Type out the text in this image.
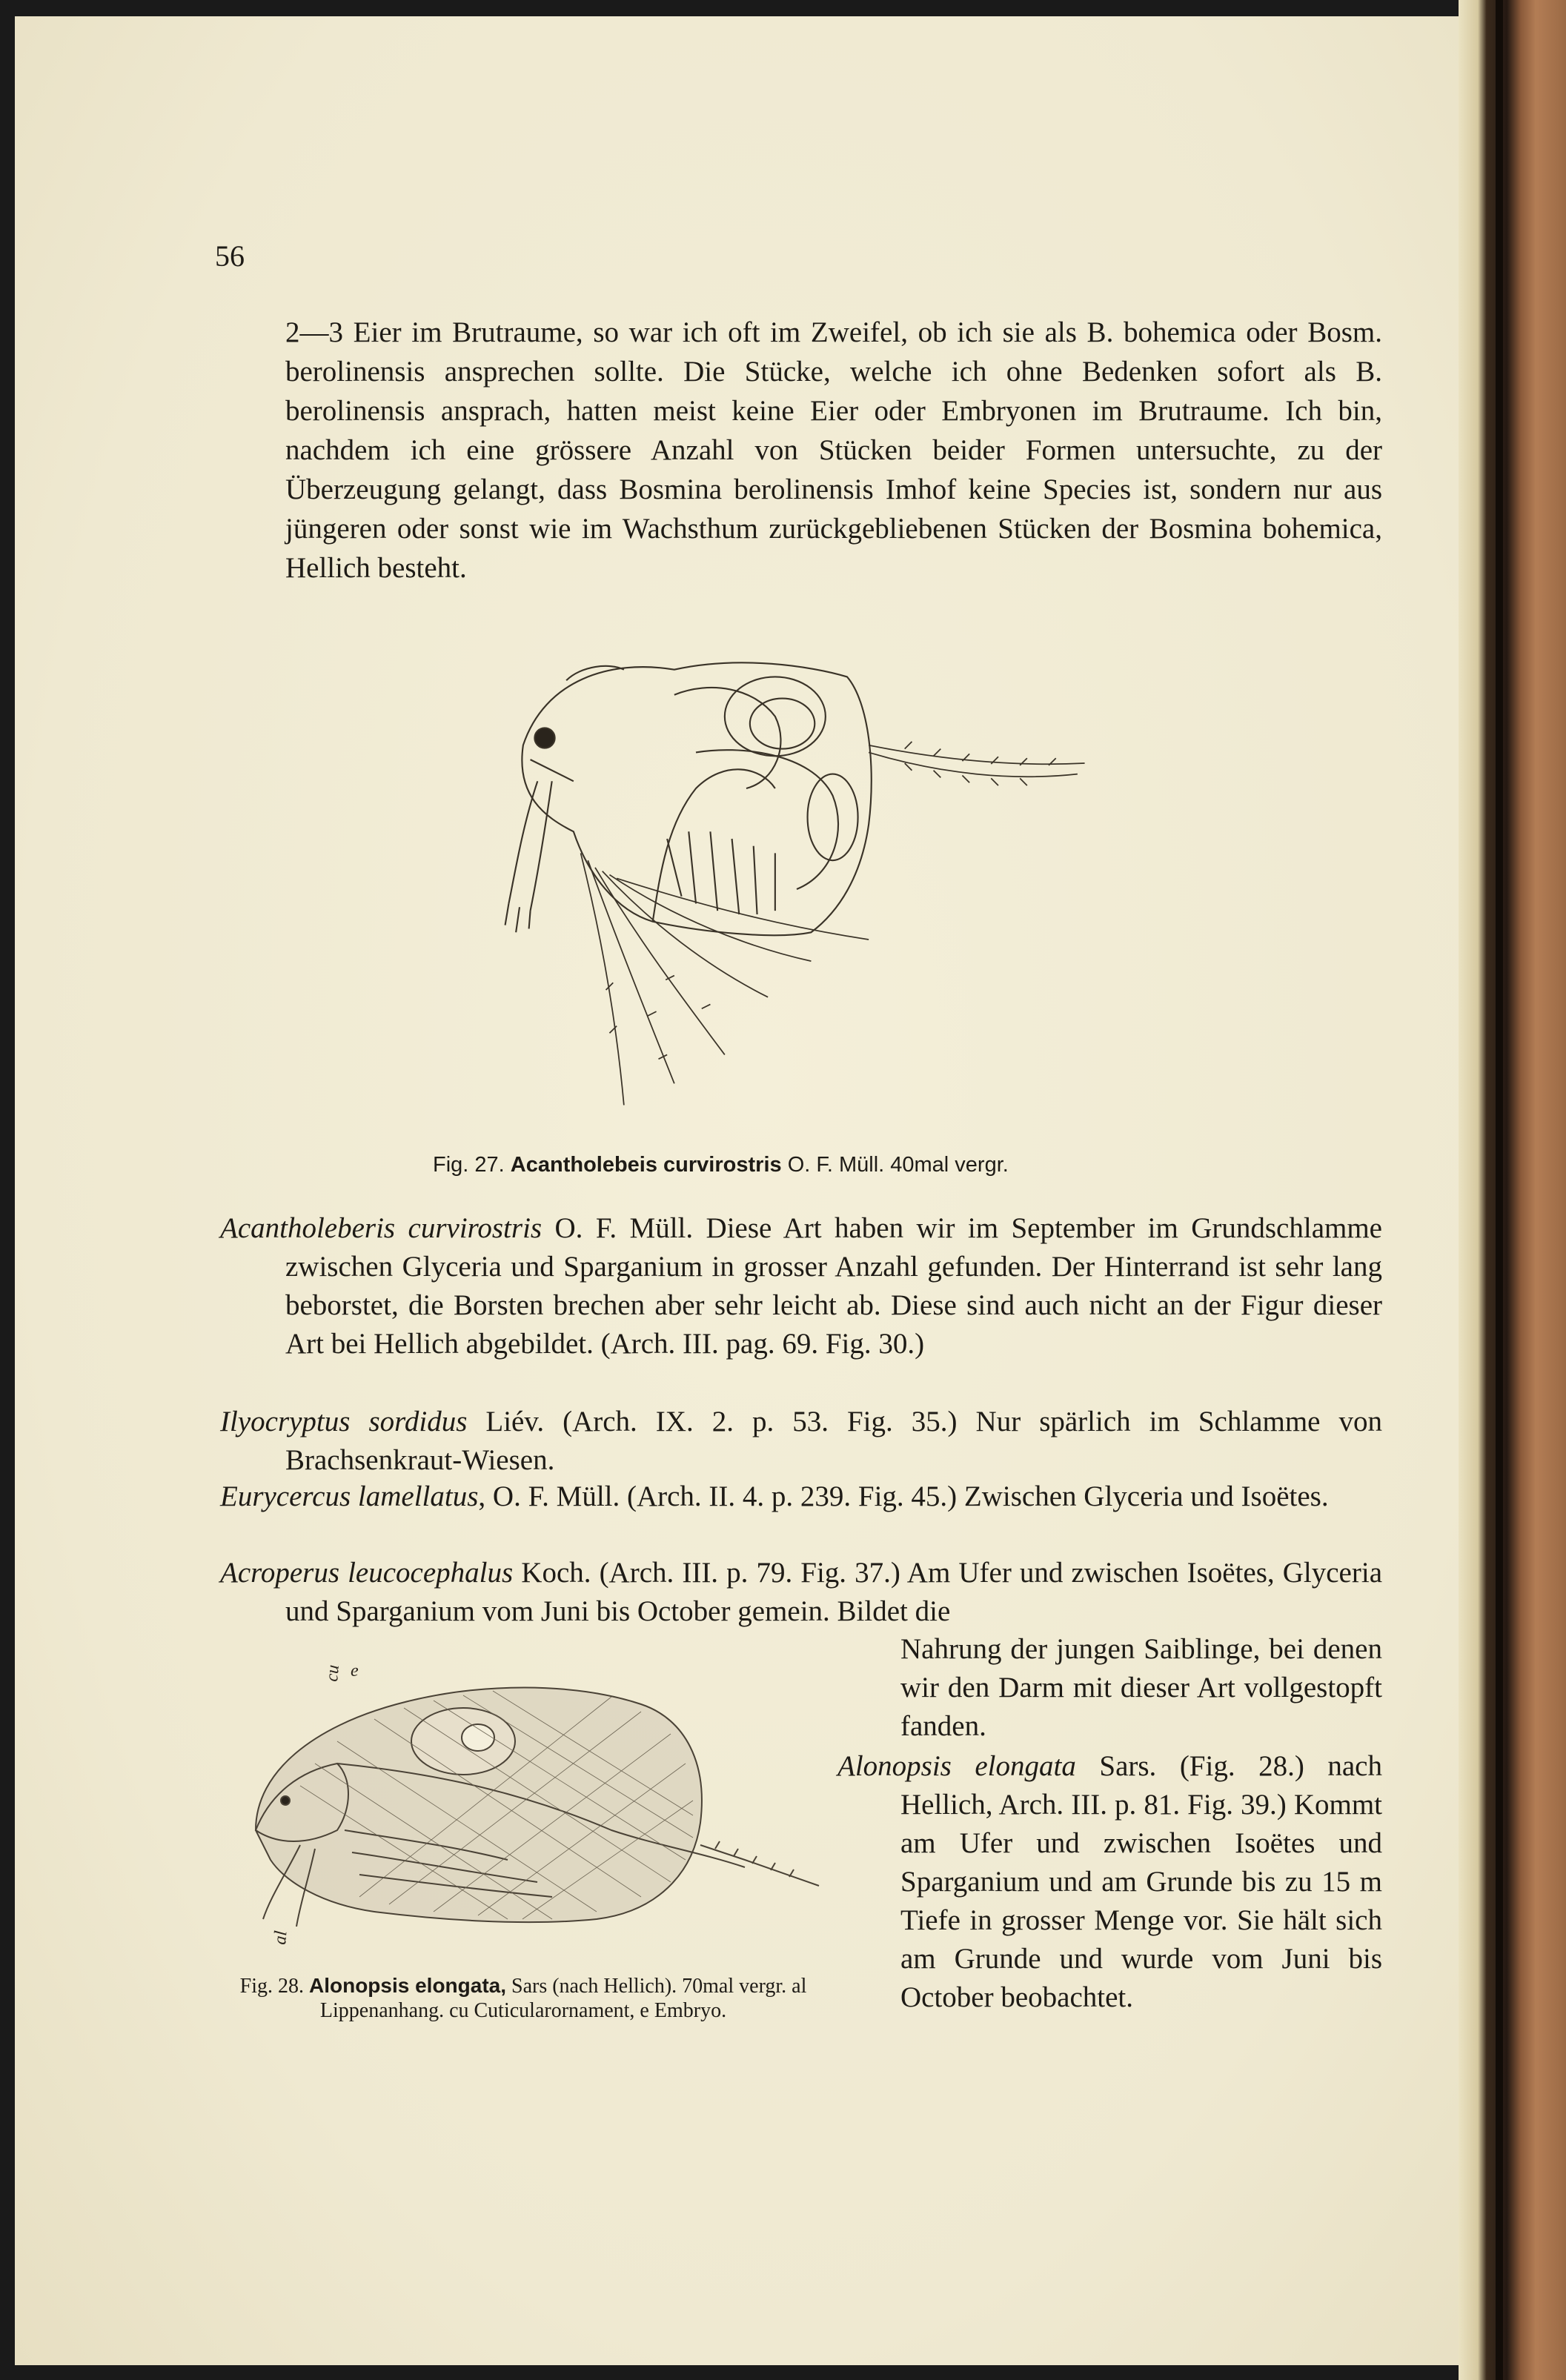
56
2—3 Eier im Brutraume, so war ich oft im Zweifel, ob ich sie als B. bohemica oder Bosm. berolinensis ansprechen sollte. Die Stücke, welche ich ohne Bedenken sofort als B. berolinensis ansprach, hatten meist keine Eier oder Embryonen im Brutraume. Ich bin, nachdem ich eine grössere Anzahl von Stücken beider Formen untersuchte, zu der Überzeugung gelangt, dass Bosmina berolinensis Imhof keine Species ist, sondern nur aus jüngeren oder sonst wie im Wachsthum zurückgebliebenen Stücken der Bosmina bohemica, Hellich besteht.
Fig. 27. Acantholebeis curvirostris O. F. Müll. 40mal vergr.
Acantholeberis curvirostris O. F. Müll. Diese Art haben wir im September im Grundschlamme zwischen Glyceria und Sparganium in grosser Anzahl gefunden. Der Hinterrand ist sehr lang beborstet, die Borsten brechen aber sehr leicht ab. Diese sind auch nicht an der Figur dieser Art bei Hellich abgebildet. (Arch. III. pag. 69. Fig. 30.)
Ilyocryptus sordidus Liév. (Arch. IX. 2. p. 53. Fig. 35.) Nur spärlich im Schlamme von Brachsenkraut-Wiesen.
Eurycercus lamellatus, O. F. Müll. (Arch. II. 4. p. 239. Fig. 45.) Zwischen Glyceria und Isoëtes.
Acroperus leucocephalus Koch. (Arch. III. p. 79. Fig. 37.) Am Ufer und zwischen Isoëtes, Glyceria und Sparganium vom Juni bis October gemein. Bildet die
Nahrung der jungen Saiblinge, bei denen wir den Darm mit dieser Art vollgestopft fanden.
Alonopsis elongata Sars. (Fig. 28.) nach Hellich, Arch. III. p. 81. Fig. 39.) Kommt am Ufer und zwischen Isoëtes und Sparganium und am Grunde bis zu 15 m Tiefe in grosser Menge vor. Sie hält sich am Grunde und wurde vom Juni bis October beobachtet.
cu e
al
Fig. 28. Alonopsis elongata, Sars (nach Hellich). 70mal vergr. al Lippenanhang. cu Cuticularornament, e Embryo.
